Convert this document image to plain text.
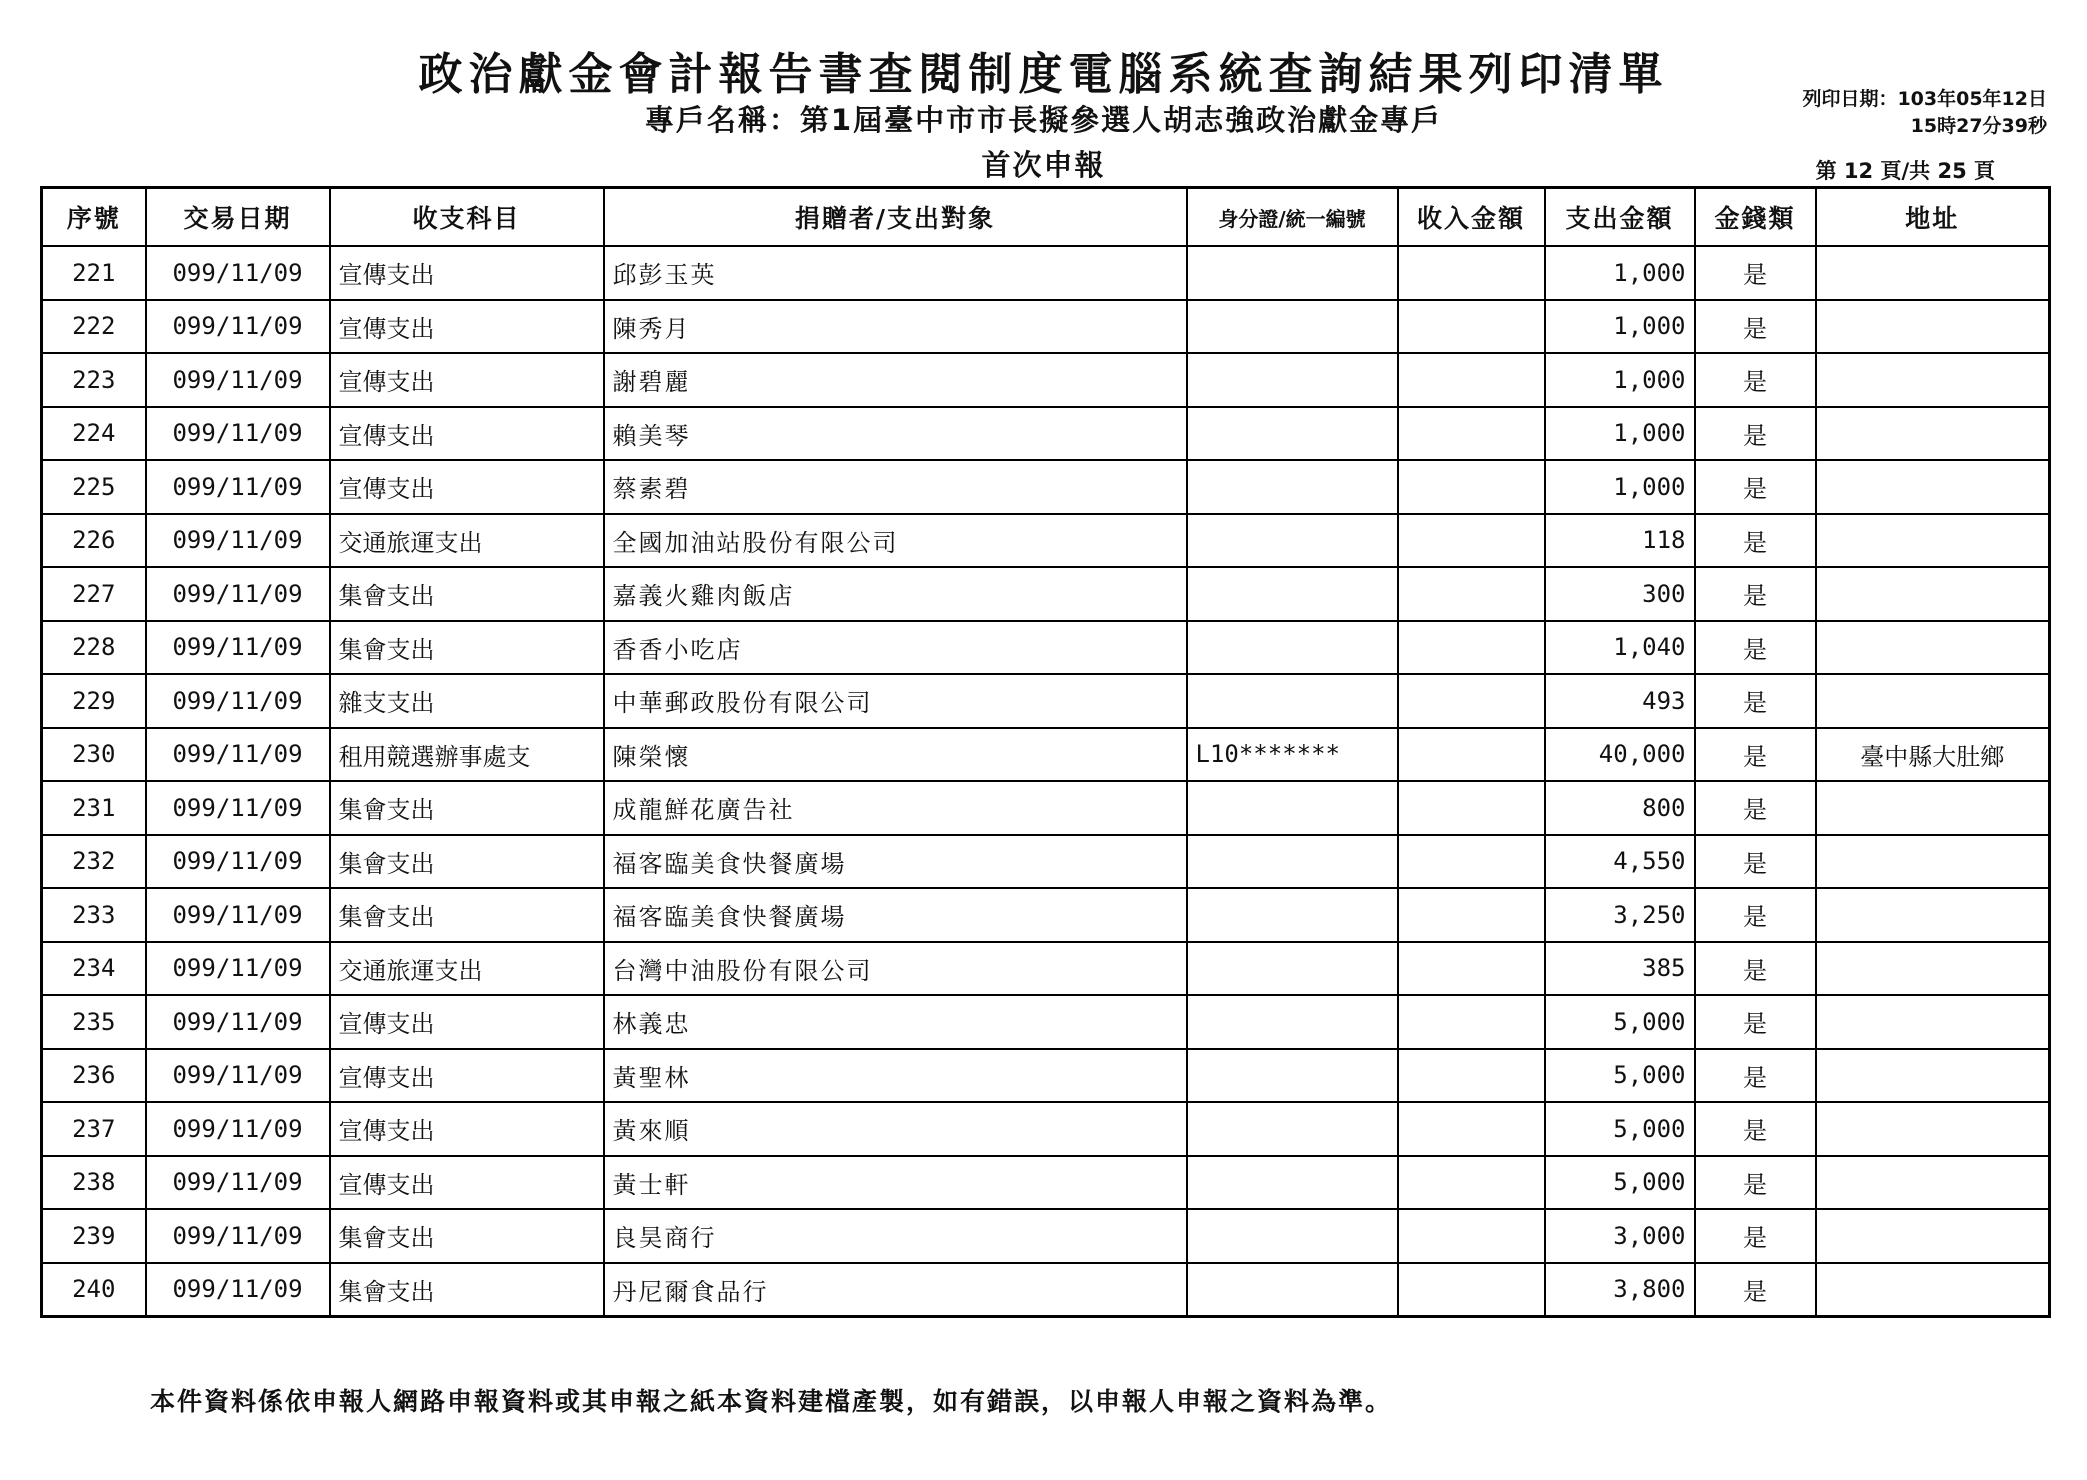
政治獻金會計報告書查閱制度電腦系統查詢結果列印清單
專戶名稱：第1屆臺中市市長擬參選人胡志強政治獻金專戶
首次申報
列印日期：103年05年12日
15時27分39秒
第 12 頁/共 25 頁
序號	交易日期	收支科目	捐贈者/支出對象	身分證/統一編號	收入金額	支出金額	金錢類	地址
221	099/11/09	宣傳支出	邱彭玉英			1,000	是	
222	099/11/09	宣傳支出	陳秀月			1,000	是	
223	099/11/09	宣傳支出	謝碧麗			1,000	是	
224	099/11/09	宣傳支出	賴美琴			1,000	是	
225	099/11/09	宣傳支出	蔡素碧			1,000	是	
226	099/11/09	交通旅運支出	全國加油站股份有限公司			118	是	
227	099/11/09	集會支出	嘉義火雞肉飯店			300	是	
228	099/11/09	集會支出	香香小吃店			1,040	是	
229	099/11/09	雜支支出	中華郵政股份有限公司			493	是	
230	099/11/09	租用競選辦事處支	陳榮懷	L10*******		40,000	是	臺中縣大肚鄉
231	099/11/09	集會支出	成龍鮮花廣告社			800	是	
232	099/11/09	集會支出	福客臨美食快餐廣場			4,550	是	
233	099/11/09	集會支出	福客臨美食快餐廣場			3,250	是	
234	099/11/09	交通旅運支出	台灣中油股份有限公司			385	是	
235	099/11/09	宣傳支出	林義忠			5,000	是	
236	099/11/09	宣傳支出	黃聖林			5,000	是	
237	099/11/09	宣傳支出	黃來順			5,000	是	
238	099/11/09	宣傳支出	黃士軒			5,000	是	
239	099/11/09	集會支出	良昊商行			3,000	是	
240	099/11/09	集會支出	丹尼爾食品行			3,800	是	
本件資料係依申報人網路申報資料或其申報之紙本資料建檔產製，如有錯誤，以申報人申報之資料為準。
